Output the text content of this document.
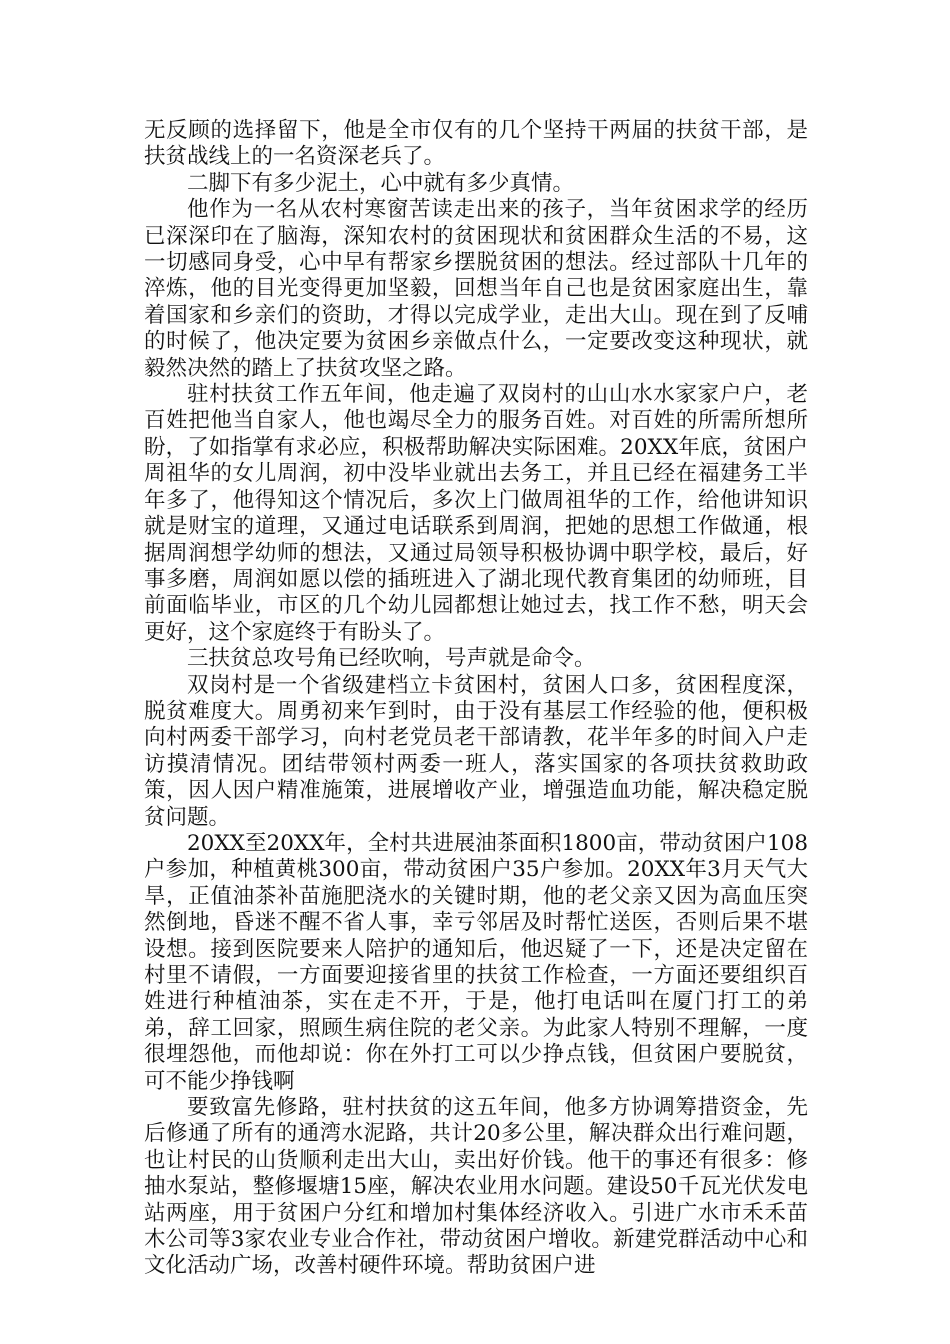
无反顾的选择留下，他是全市仅有的几个坚持干两届的扶贫干部，是扶贫战线上的一名资深老兵了。

二脚下有多少泥土，心中就有多少真情。

他作为一名从农村寒窗苦读走出来的孩子，当年贫困求学的经历已深深印在了脑海，深知农村的贫困现状和贫困群众生活的不易，这一切感同身受，心中早有帮家乡摆脱贫困的想法。经过部队十几年的淬炼，他的目光变得更加坚毅，回想当年自己也是贫困家庭出生，靠着国家和乡亲们的资助，才得以完成学业，走出大山。现在到了反哺的时候了，他决定要为贫困乡亲做点什么，一定要改变这种现状，就毅然决然的踏上了扶贫攻坚之路。

驻村扶贫工作五年间，他走遍了双岗村的山山水水家家户户，老百姓把他当自家人，他也竭尽全力的服务百姓。对百姓的所需所想所盼，了如指掌有求必应，积极帮助解决实际困难。20XX年底，贫困户周祖华的女儿周润，初中没毕业就出去务工，并且已经在福建务工半年多了，他得知这个情况后，多次上门做周祖华的工作，给他讲知识就是财宝的道理，又通过电话联系到周润，把她的思想工作做通，根据周润想学幼师的想法，又通过局领导积极协调中职学校，最后，好事多磨，周润如愿以偿的插班进入了湖北现代教育集团的幼师班，目前面临毕业，市区的几个幼儿园都想让她过去，找工作不愁，明天会更好，这个家庭终于有盼头了。

三扶贫总攻号角已经吹响，号声就是命令。

双岗村是一个省级建档立卡贫困村，贫困人口多，贫困程度深，脱贫难度大。周勇初来乍到时，由于没有基层工作经验的他，便积极向村两委干部学习，向村老党员老干部请教，花半年多的时间入户走访摸清情况。团结带领村两委一班人，落实国家的各项扶贫救助政策，因人因户精准施策，进展增收产业，增强造血功能，解决稳定脱贫问题。

20XX至20XX年，全村共进展油茶面积1800亩，带动贫困户108户参加，种植黄桃300亩，带动贫困户35户参加。20XX年3月天气大旱，正值油茶补苗施肥浇水的关键时期，他的老父亲又因为高血压突然倒地，昏迷不醒不省人事，幸亏邻居及时帮忙送医，否则后果不堪设想。接到医院要来人陪护的通知后，他迟疑了一下，还是决定留在村里不请假，一方面要迎接省里的扶贫工作检查，一方面还要组织百姓进行种植油茶，实在走不开，于是，他打电话叫在厦门打工的弟弟，辞工回家，照顾生病住院的老父亲。为此家人特别不理解，一度很埋怨他，而他却说：你在外打工可以少挣点钱，但贫困户要脱贫，可不能少挣钱啊

要致富先修路，驻村扶贫的这五年间，他多方协调筹措资金，先后修通了所有的通湾水泥路，共计20多公里，解决群众出行难问题，也让村民的山货顺利走出大山，卖出好价钱。他干的事还有很多：修抽水泵站，整修堰塘15座，解决农业用水问题。建设50千瓦光伏发电站两座，用于贫困户分红和增加村集体经济收入。引进广水市禾禾苗木公司等3家农业专业合作社，带动贫困户增收。新建党群活动中心和文化活动广场，改善村硬件环境。帮助贫困户进
